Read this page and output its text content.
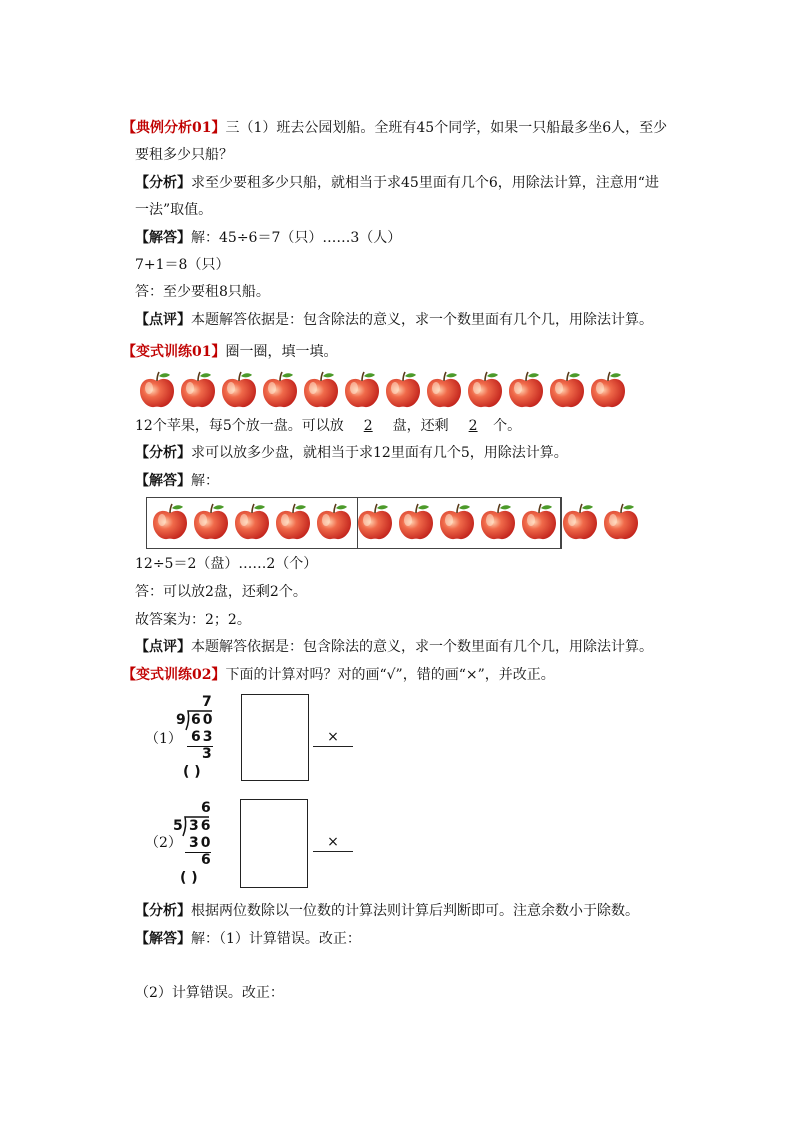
【典例分析01】三（1）班去公园划船。全班有45个同学，如果一只船最多坐6人，至少
要租多少只船？
【分析】求至少要租多少只船，就相当于求45里面有几个6，用除法计算，注意用“进
一法”取值。
【解答】解：45÷6＝7（只）……3（人）
7+1＝8（只）
答：至少要租8只船。
【点评】本题解答依据是：包含除法的意义，求一个数里面有几个几，用除法计算。
【变式训练01】圈一圈，填一填。
12个苹果，每5个放一盘。可以放 2 盘，还剩 2 个。
【分析】求可以放多少盘，就相当于求12里面有几个5，用除法计算。
【解答】解：
12÷5＝2（盘）……2（个）
答：可以放2盘，还剩2个。
故答案为：2；2。
【点评】本题解答依据是：包含除法的意义，求一个数里面有几个几，用除法计算。
【变式训练02】下面的计算对吗？对的画“√”，错的画“×”，并改正。
（1）
7
9 60
63
3
( )
×
（2）
6
5 36
30
6
( )
×
【分析】根据两位数除以一位数的计算法则计算后判断即可。注意余数小于除数。
【解答】解：（1）计算错误。改正：
（2）计算错误。改正：
